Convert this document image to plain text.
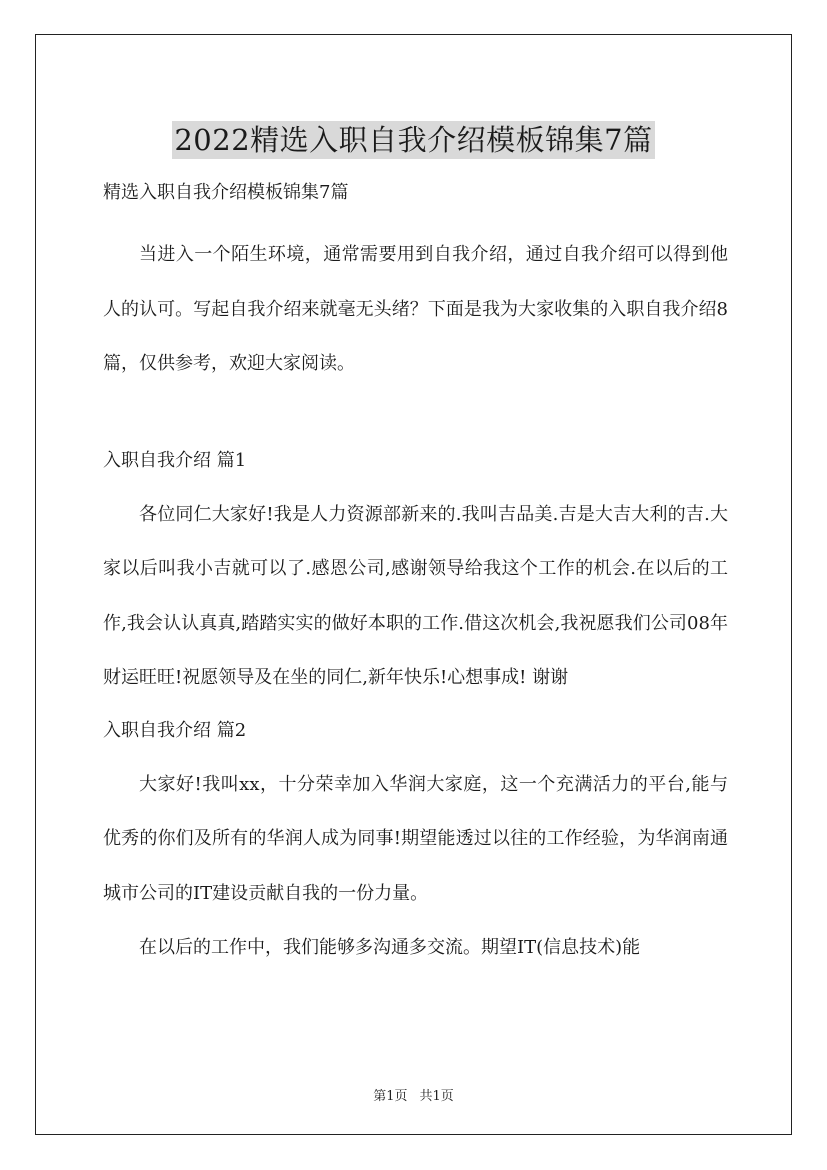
2022精选入职自我介绍模板锦集7篇

精选入职自我介绍模板锦集7篇

当进入一个陌生环境，通常需要用到自我介绍，通过自我介绍可以得到他人的认可。写起自我介绍来就毫无头绪？下面是我为大家收集的入职自我介绍8篇，仅供参考，欢迎大家阅读。

入职自我介绍 篇1

各位同仁大家好!我是人力资源部新来的.我叫吉品美.吉是大吉大利的吉.大家以后叫我小吉就可以了.感恩公司,感谢领导给我这个工作的机会.在以后的工作,我会认认真真,踏踏实实的做好本职的工作.借这次机会,我祝愿我们公司08年财运旺旺!祝愿领导及在坐的同仁,新年快乐!心想事成! 谢谢

入职自我介绍 篇2

大家好!我叫xx，十分荣幸加入华润大家庭，这一个充满活力的平台,能与优秀的你们及所有的华润人成为同事!期望能透过以往的工作经验，为华润南通城市公司的IT建设贡献自我的一份力量。

在以后的工作中，我们能够多沟通多交流。期望IT(信息技术)能

第1页 共1页
